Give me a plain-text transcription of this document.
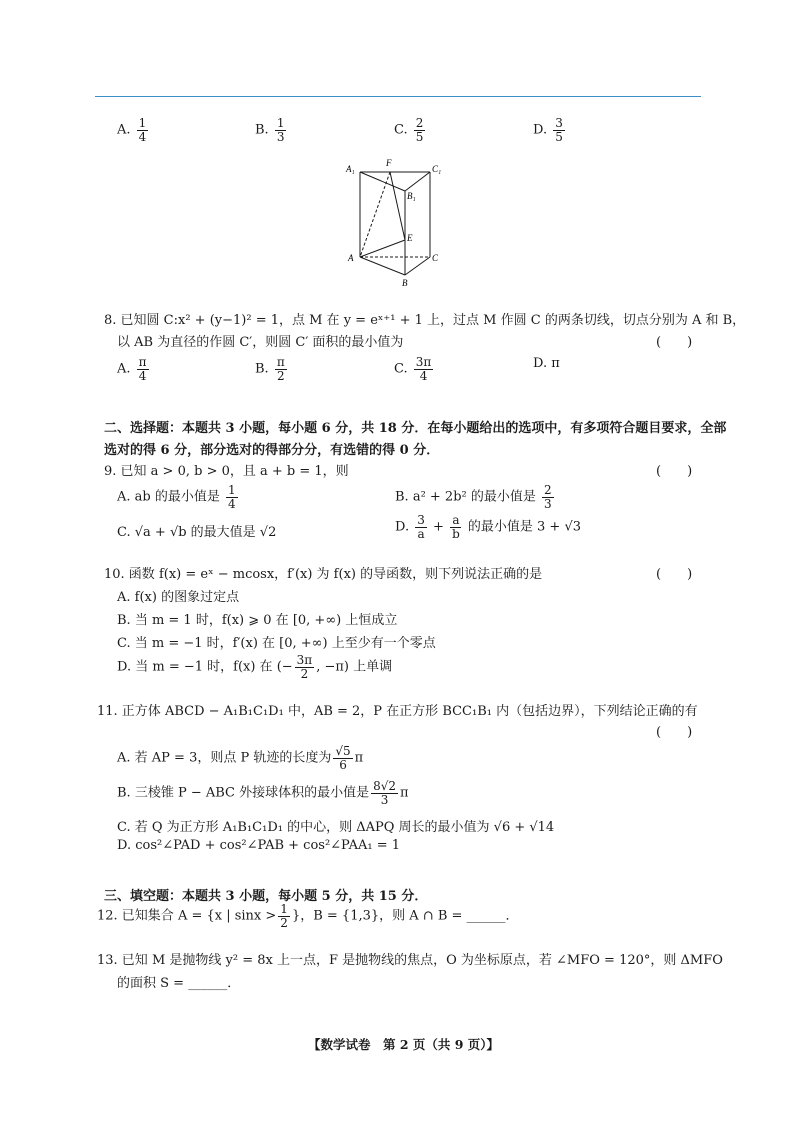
A₁
F
C₁
B₁
E
A	C
B
8. 已知圆 C:x² + (y−1)² = 1，点 M 在 y = eˣ⁺¹ + 1 上，过点 M 作圆 C 的两条切线，切点分别为 A 和 B，
以 AB 为直径的作圆 C′，则圆 C′ 面积的最小值为	(　　)
二、选择题：本题共 3 小题，每小题 6 分，共 18 分．在每小题给出的选项中，有多项符合题目要求，全部
选对的得 6 分，部分选对的得部分分，有选错的得 0 分．
9. 已知 a > 0, b > 0，且 a + b = 1，则	(　　)
A. ab 的最小值是 $\frac{1}{4}$	B. a² + 2b² 的最小值是 $\frac{2}{3}$
C. √a + √b 的最大值是 √2	D. $\frac{3}{a} + \frac{a}{b}$ 的最小值是 3 + √3
10. 函数 f(x) = eˣ − mcosx，f′(x) 为 f(x) 的导函数，则下列说法正确的是	(　　)
A. f(x) 的图象过定点
B. 当 m = 1 时，f(x) ⩾ 0 在 [0, +∞) 上恒成立
C. 当 m = −1 时，f′(x) 在 [0, +∞) 上至少有一个零点
D. 当 m = −1 时，f(x) 在 (− $\frac{3\pi}{2}$ , −π) 上单调
11. 正方体 ABCD − A₁B₁C₁D₁ 中，AB = 2，P 在正方形 BCC₁B₁ 内（包括边界），下列结论正确的有
(　　)
A. 若 AP = 3，则点 P 轨迹的长度为 $\frac{√5}{6}$ π
B. 三棱锥 P − ABC 外接球体积的最小值是 $\frac{8√2}{3}$ π
C. 若 Q 为正方形 A₁B₁C₁D₁ 的中心，则 ΔAPQ 周长的最小值为 √6 + √14
D. cos²∠PAD + cos²∠PAB + cos²∠PAA₁ = 1
三、填空题：本题共 3 小题，每小题 5 分，共 15 分．
12. 已知集合 A = {x | $\sin x > \frac{1}{2}$ }，B = {1,3}，则 A ∩ B = ______．
13. 已知 M 是抛物线 y² = 8x 上一点，F 是抛物线的焦点，O 为坐标原点，若 ∠MFO = 120°，则 ΔMFO
的面积 S = ______．
【数学试卷　第 2 页（共 9 页）】
A. $\frac{1}{4}$	B. $\frac{1}{3}$	C. $\frac{2}{5}$	D. $\frac{3}{5}$
A. $\frac{\pi}{4}$	B. $\frac{\pi}{2}$	C. $\frac{3\pi}{4}$	D. π
